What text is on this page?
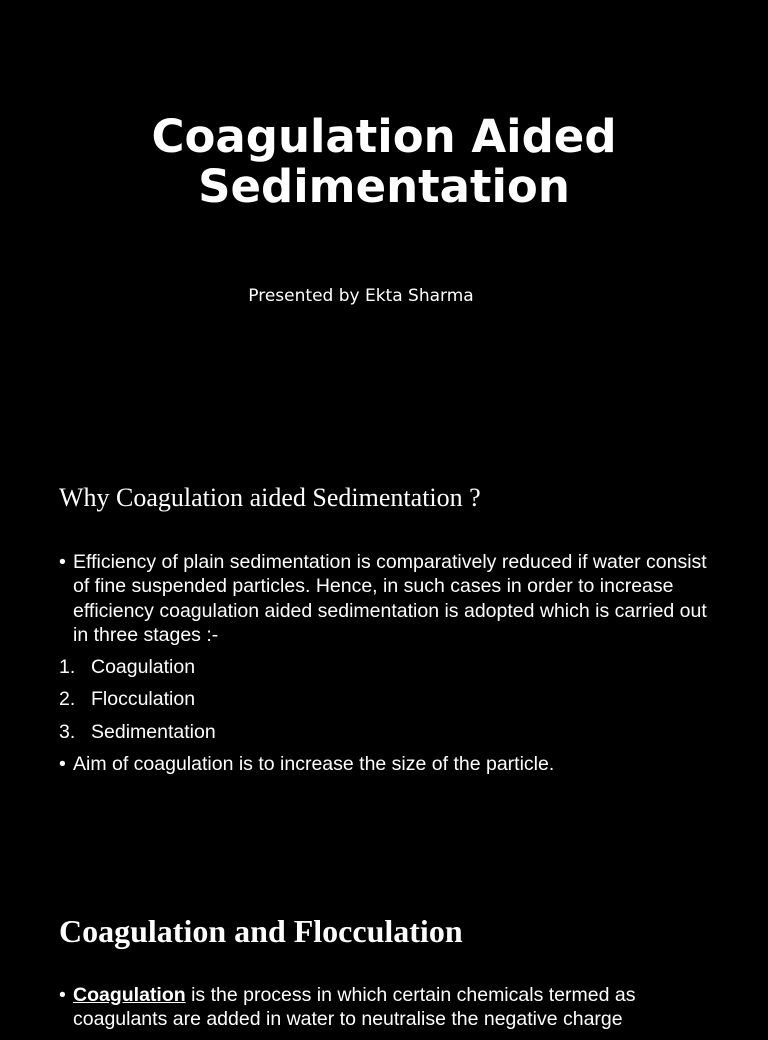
Coagulation Aided
Sedimentation
Presented by Ekta Sharma
Why Coagulation aided Sedimentation ?
• Efficiency of plain sedimentation is comparatively reduced if water consist of fine suspended particles. Hence, in such cases in order to increase efficiency coagulation aided sedimentation is adopted which is carried out in three stages :-
1. Coagulation
2. Flocculation
3. Sedimentation
• Aim of coagulation is to increase the size of the particle.
Coagulation and Flocculation
• Coagulation is the process in which certain chemicals termed as coagulants are added in water to neutralise the negative charge
